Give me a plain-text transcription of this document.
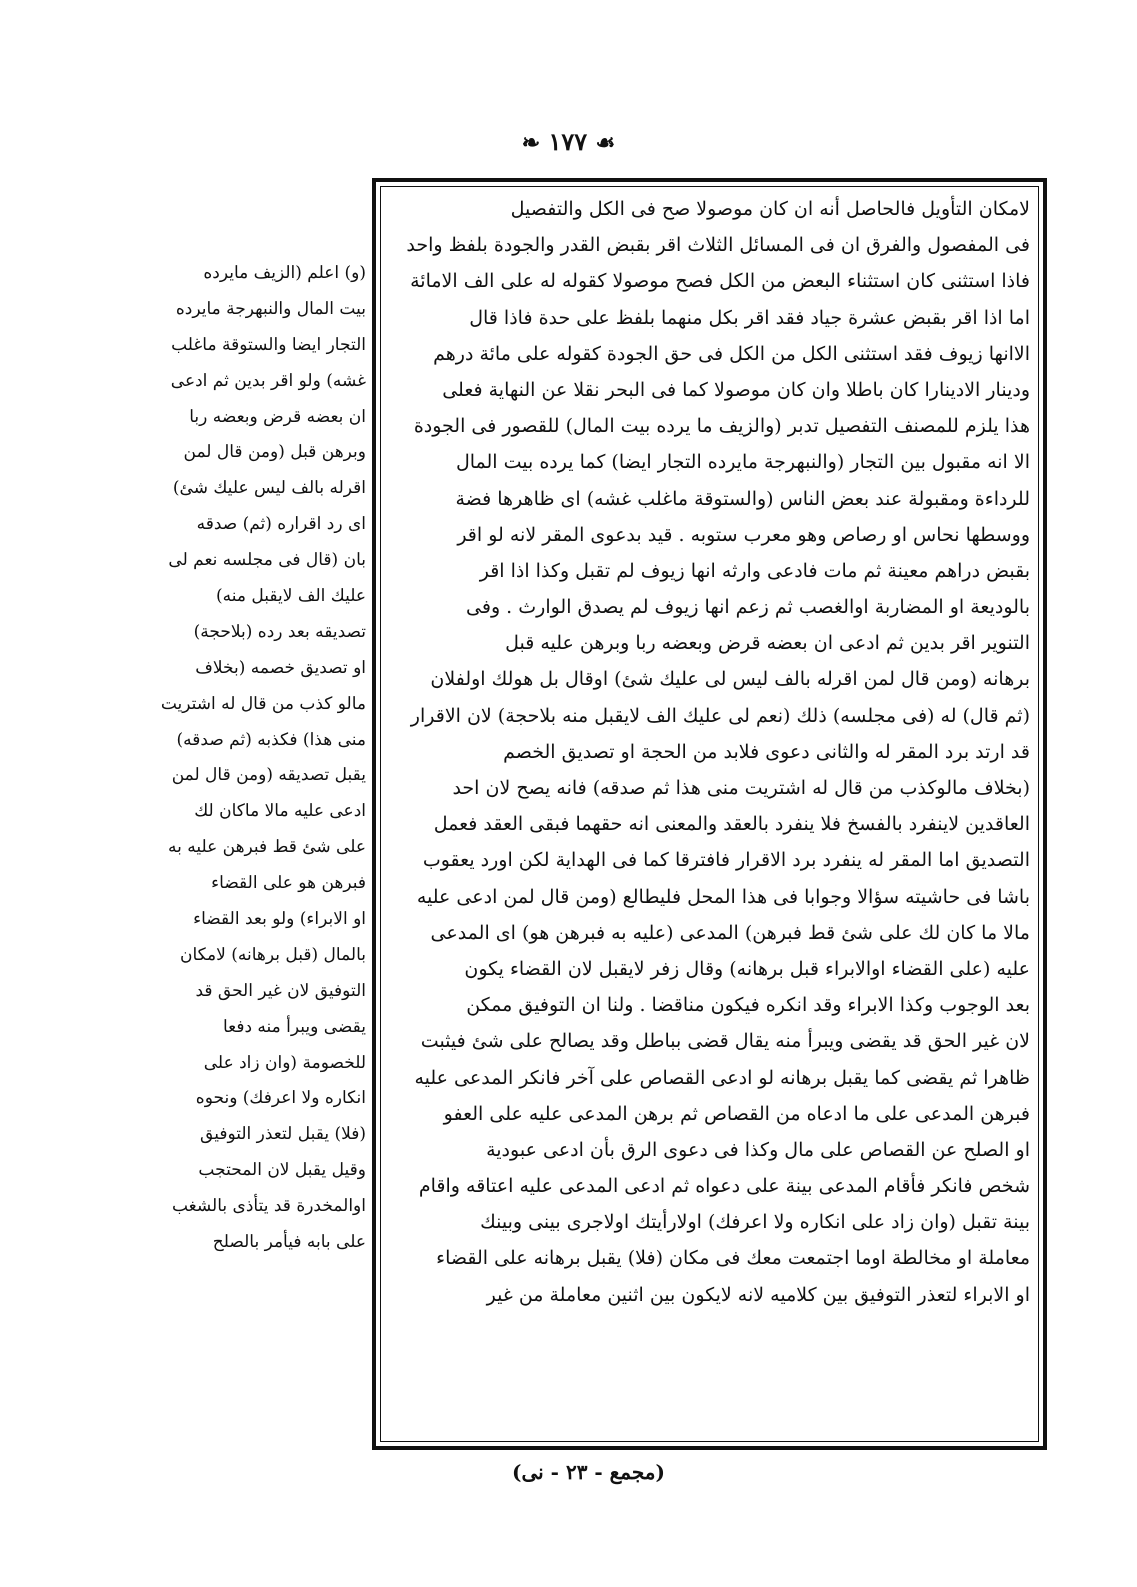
❧ ١٧٧ ☙
لامكان التأويل فالحاصل أنه ان كان موصولا صح فى الكل والتفصيل
فى المفصول والفرق ان فى المسائل الثلاث اقر بقبض القدر والجودة بلفظ واحد
فاذا استثنى كان استثناء البعض من الكل فصح موصولا كقوله له على الف الامائة
اما اذا اقر بقبض عشرة جياد فقد اقر بكل منهما بلفظ على حدة فاذا قال
الاانها زيوف فقد استثنى الكل من الكل فى حق الجودة كقوله على مائة درهم
ودينار الادينارا كان باطلا وان كان موصولا كما فى البحر نقلا عن النهاية فعلى
هذا يلزم للمصنف التفصيل تدبر (والزيف ما يرده بيت المال) للقصور فى الجودة
الا انه مقبول بين التجار (والنبهرجة مايرده التجار ايضا) كما يرده بيت المال
للرداءة ومقبولة عند بعض الناس (والستوقة ماغلب غشه) اى ظاهرها فضة
ووسطها نحاس او رصاص وهو معرب ستوبه . قيد بدعوى المقر لانه لو اقر
بقبض دراهم معينة ثم مات فادعى وارثه انها زيوف لم تقبل وكذا اذا اقر
بالوديعة او المضاربة اوالغصب ثم زعم انها زيوف لم يصدق الوارث . وفى
التنوير اقر بدين ثم ادعى ان بعضه قرض وبعضه ربا وبرهن عليه قبل
برهانه (ومن قال لمن اقرله بالف ليس لى عليك شئ) اوقال بل هولك اولفلان
(ثم قال) له (فى مجلسه) ذلك (نعم لى عليك الف لايقبل منه بلاحجة) لان الاقرار
قد ارتد برد المقر له والثانى دعوى فلابد من الحجة او تصديق الخصم
(بخلاف مالوكذب من قال له اشتريت منى هذا ثم صدقه) فانه يصح لان احد
العاقدين لاينفرد بالفسخ فلا ينفرد بالعقد والمعنى انه حقهما فبقى العقد فعمل
التصديق اما المقر له ينفرد برد الاقرار فافترقا كما فى الهداية لكن اورد يعقوب
باشا فى حاشيته سؤالا وجوابا فى هذا المحل فليطالع (ومن قال لمن ادعى عليه
مالا ما كان لك على شئ قط فبرهن) المدعى (عليه به فبرهن هو) اى المدعى
عليه (على القضاء اوالابراء قبل برهانه) وقال زفر لايقبل لان القضاء يكون
بعد الوجوب وكذا الابراء وقد انكره فيكون مناقضا . ولنا ان التوفيق ممكن
لان غير الحق قد يقضى ويبرأ منه يقال قضى بباطل وقد يصالح على شئ فيثبت
ظاهرا ثم يقضى كما يقبل برهانه لو ادعى القصاص على آخر فانكر المدعى عليه
فبرهن المدعى على ما ادعاه من القصاص ثم برهن المدعى عليه على العفو
او الصلح عن القصاص على مال وكذا فى دعوى الرق بأن ادعى عبودية
شخص فانكر فأقام المدعى بينة على دعواه ثم ادعى المدعى عليه اعتاقه واقام
بينة تقبل (وان زاد على انكاره ولا اعرفك) اولارأيتك اولاجرى بينى وبينك
معاملة او مخالطة اوما اجتمعت معك فى مكان (فلا) يقبل برهانه على القضاء
او الابراء لتعذر التوفيق بين كلاميه لانه لايكون بين اثنين معاملة من غير
(و) اعلم (الزيف مايرده
بيت المال والنبهرجة مايرده
التجار ايضا والستوقة ماغلب
غشه) ولو اقر بدين ثم ادعى
ان بعضه قرض وبعضه ربا
وبرهن قبل (ومن قال لمن
اقرله بالف ليس عليك شئ)
اى رد اقراره (ثم) صدقه
بان (قال فى مجلسه نعم لى
عليك الف لايقبل منه)
تصديقه بعد رده (بلاحجة)
او تصديق خصمه (بخلاف
مالو كذب من قال له اشتريت
منى هذا) فكذبه (ثم صدقه)
يقبل تصديقه (ومن قال لمن
ادعى عليه مالا ماكان لك
على شئ قط فبرهن عليه به
فبرهن هو على القضاء
او الابراء) ولو بعد القضاء
بالمال (قبل برهانه) لامكان
التوفيق لان غير الحق قد
يقضى ويبرأ منه دفعا
للخصومة (وان زاد على
انكاره ولا اعرفك) ونحوه
(فلا) يقبل لتعذر التوفيق
وقيل يقبل لان المحتجب
اوالمخدرة قد يتأذى بالشغب
على بابه فيأمر بالصلح
(مجمع - ٢٣ - نى)
